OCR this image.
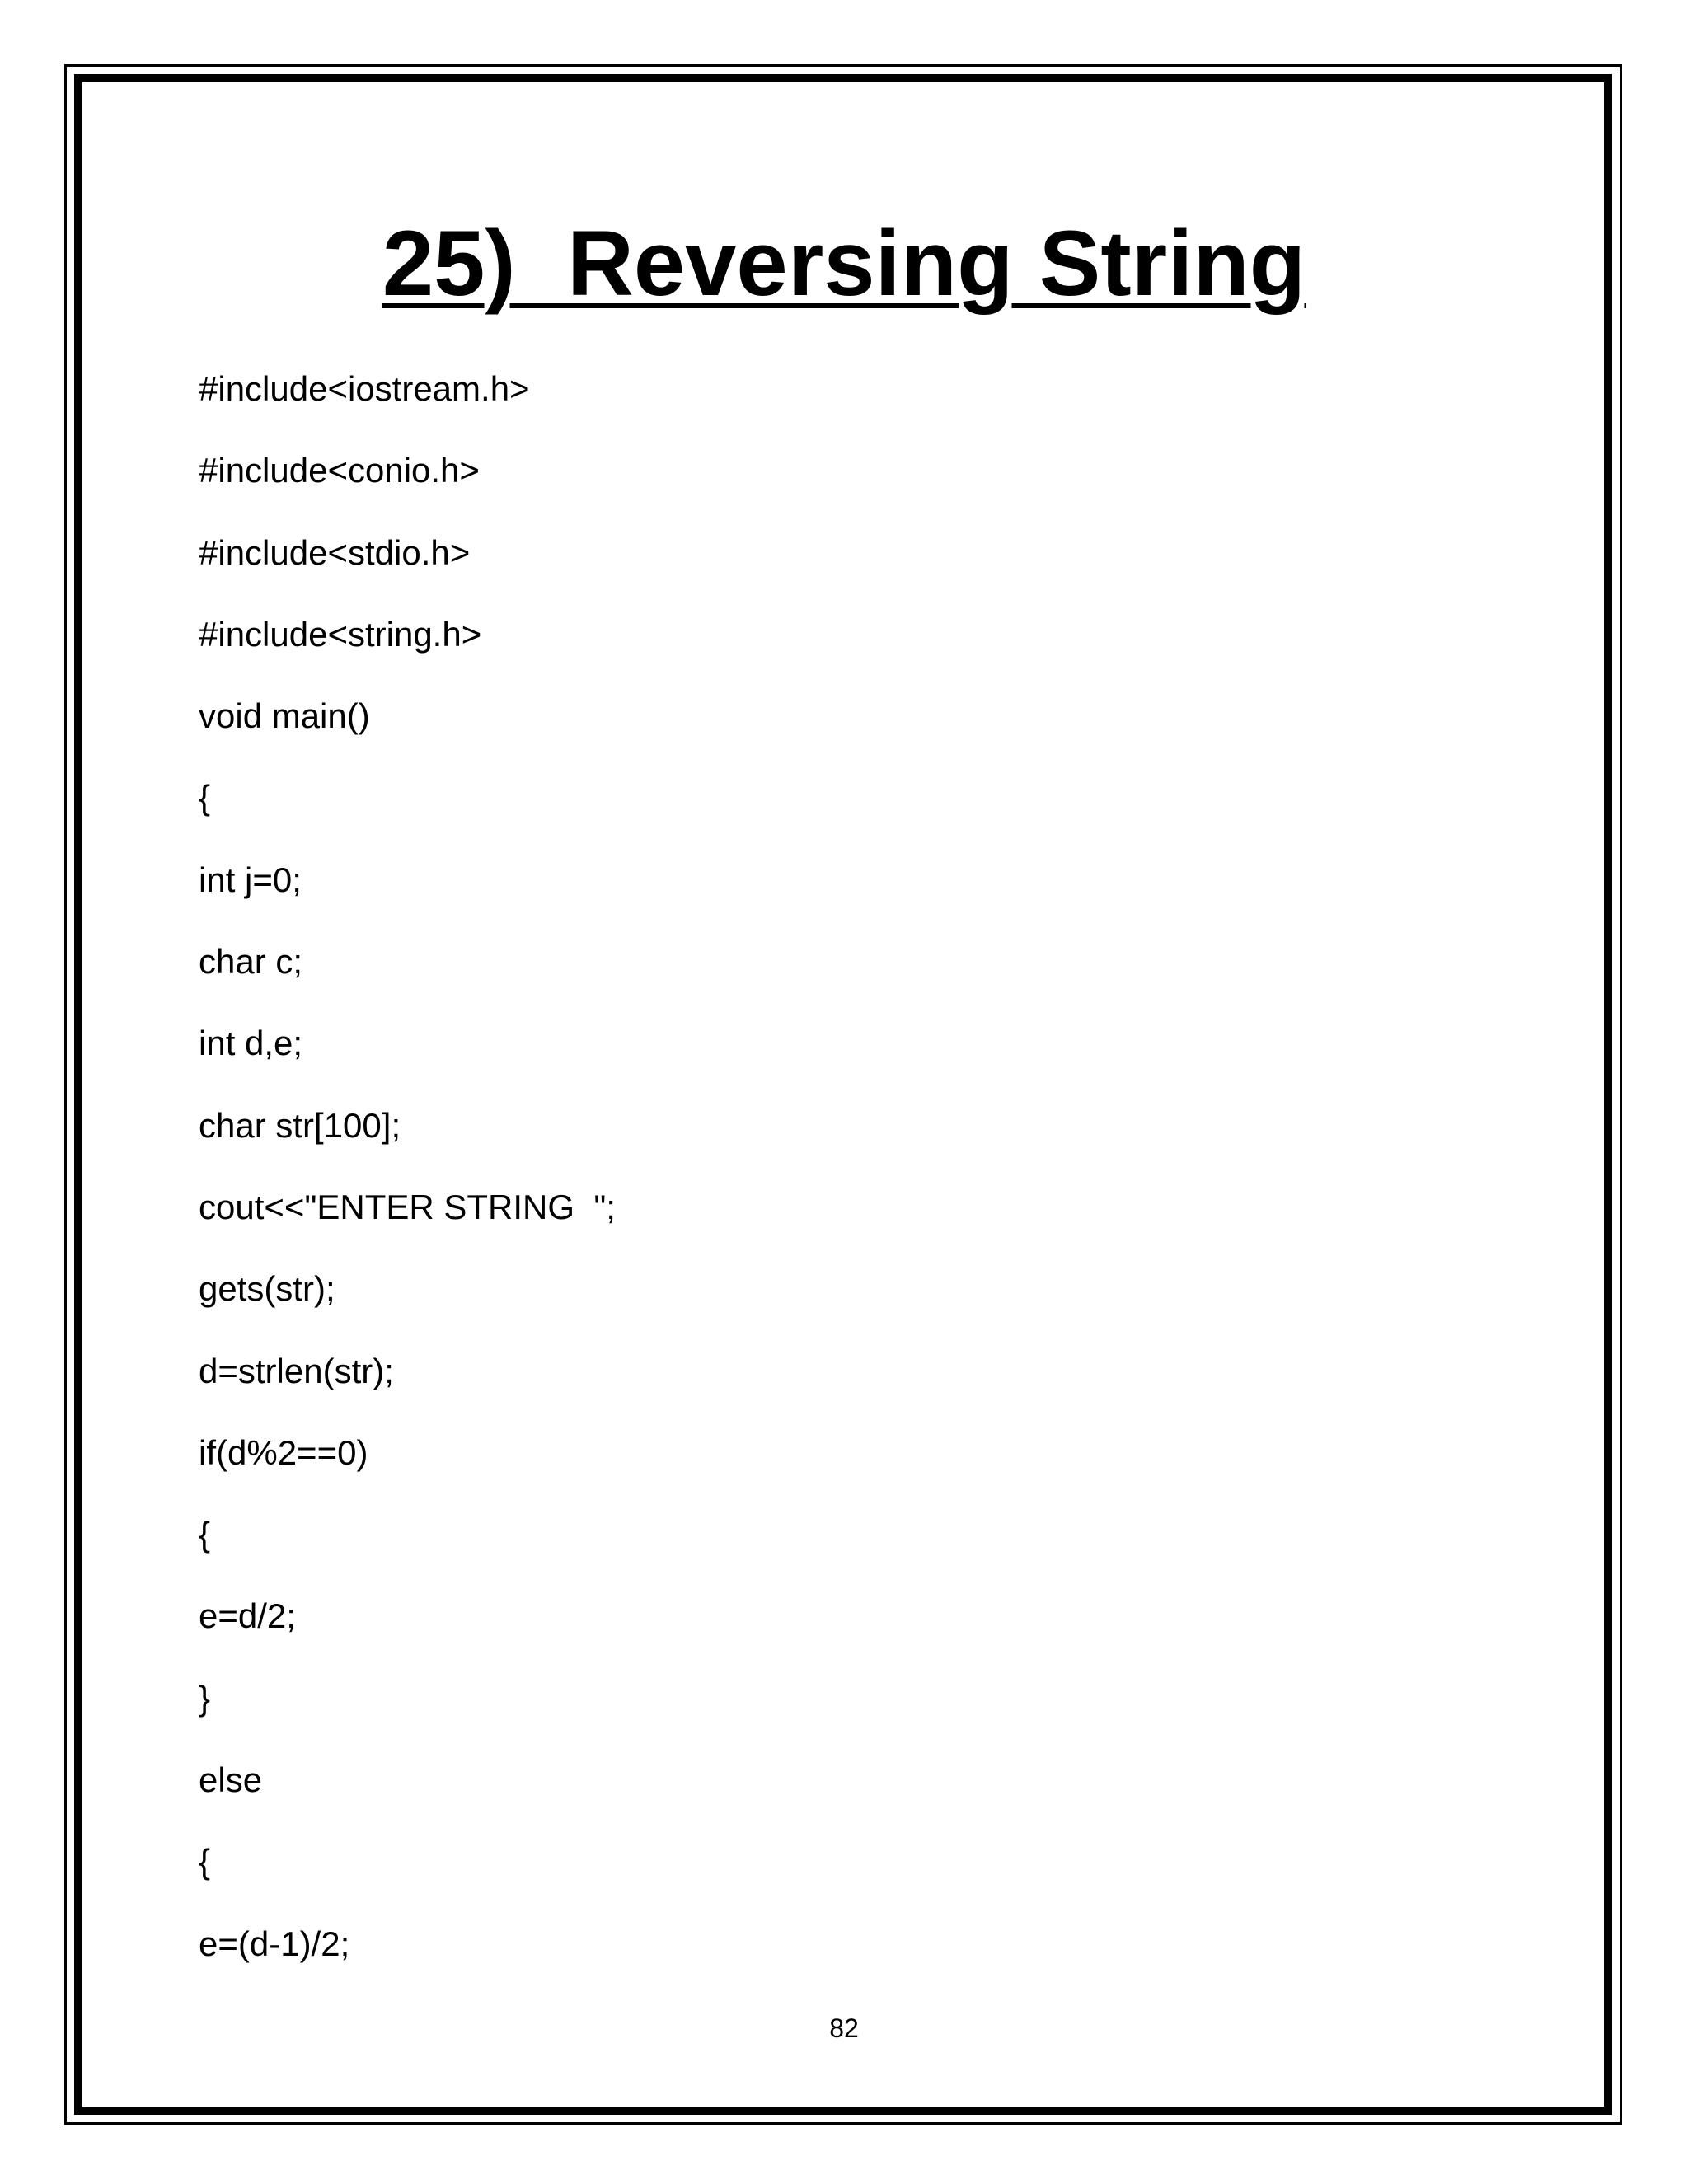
25)  Reversing String
#include<iostream.h>
#include<conio.h>
#include<stdio.h>
#include<string.h>
void main()
{
int j=0;
char c;
int d,e;
char str[100];
cout<<"ENTER STRING  ";
gets(str);
d=strlen(str);
if(d%2==0)
{
e=d/2;
}
else
{
e=(d-1)/2;
82
